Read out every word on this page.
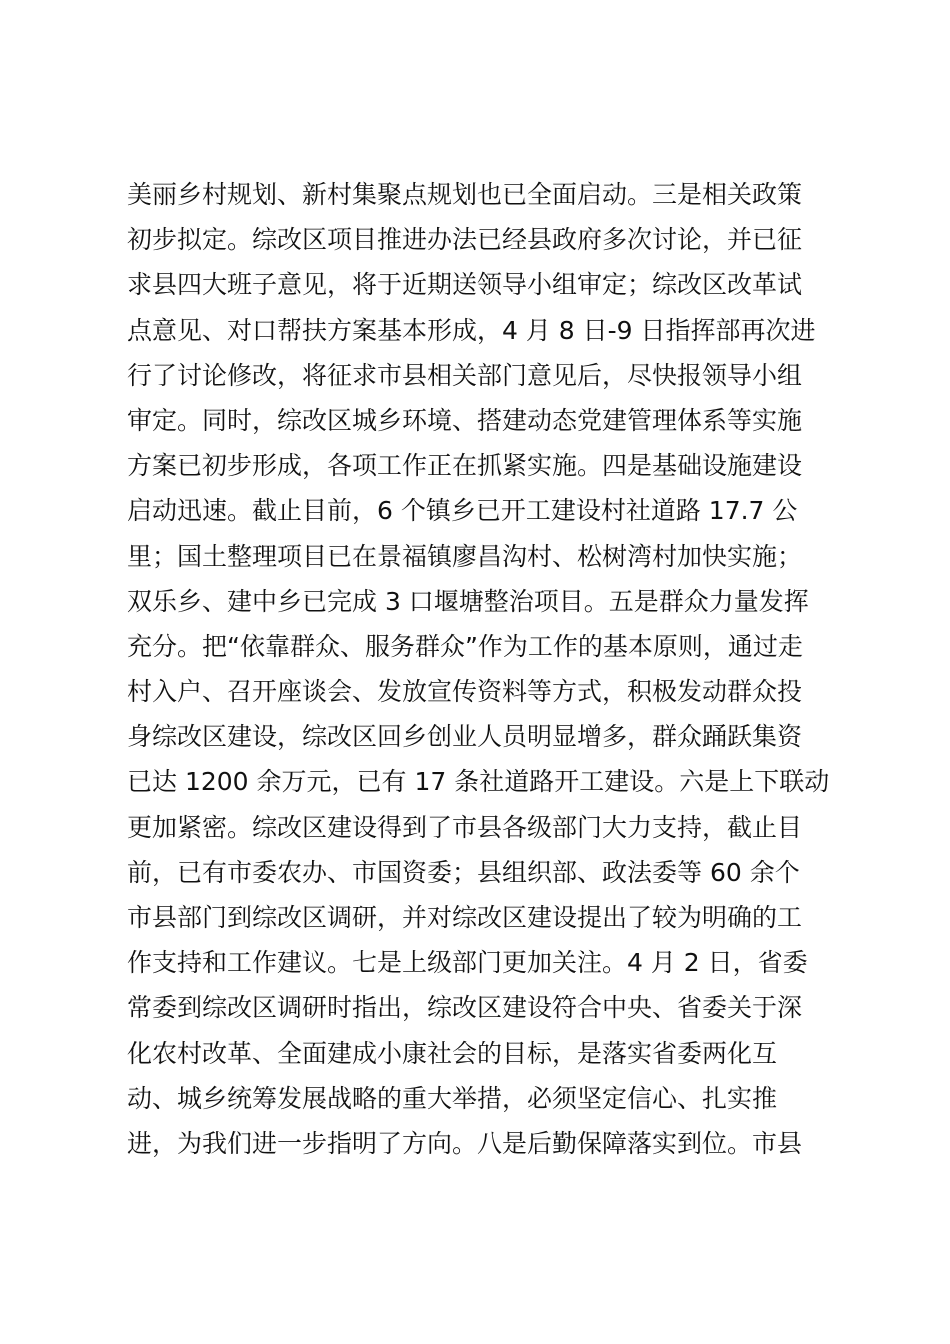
美丽乡村规划、新村集聚点规划也已全面启动。三是相关政策
初步拟定。综改区项目推进办法已经县政府多次讨论，并已征
求县四大班子意见，将于近期送领导小组审定；综改区改革试
点意见、对口帮扶方案基本形成，4 月 8 日-9 日指挥部再次进
行了讨论修改，将征求市县相关部门意见后，尽快报领导小组
审定。同时，综改区城乡环境、搭建动态党建管理体系等实施
方案已初步形成，各项工作正在抓紧实施。四是基础设施建设
启动迅速。截止目前，6 个镇乡已开工建设村社道路 17.7 公
里；国土整理项目已在景福镇廖昌沟村、松树湾村加快实施；
双乐乡、建中乡已完成 3 口堰塘整治项目。五是群众力量发挥
充分。把“依靠群众、服务群众”作为工作的基本原则，通过走
村入户、召开座谈会、发放宣传资料等方式，积极发动群众投
身综改区建设，综改区回乡创业人员明显增多，群众踊跃集资
已达 1200 余万元，已有 17 条社道路开工建设。六是上下联动
更加紧密。综改区建设得到了市县各级部门大力支持，截止目
前，已有市委农办、市国资委；县组织部、政法委等 60 余个
市县部门到综改区调研，并对综改区建设提出了较为明确的工
作支持和工作建议。七是上级部门更加关注。4 月 2 日，省委
常委到综改区调研时指出，综改区建设符合中央、省委关于深
化农村改革、全面建成小康社会的目标，是落实省委两化互
动、城乡统筹发展战略的重大举措，必须坚定信心、扎实推
进，为我们进一步指明了方向。八是后勤保障落实到位。市县
